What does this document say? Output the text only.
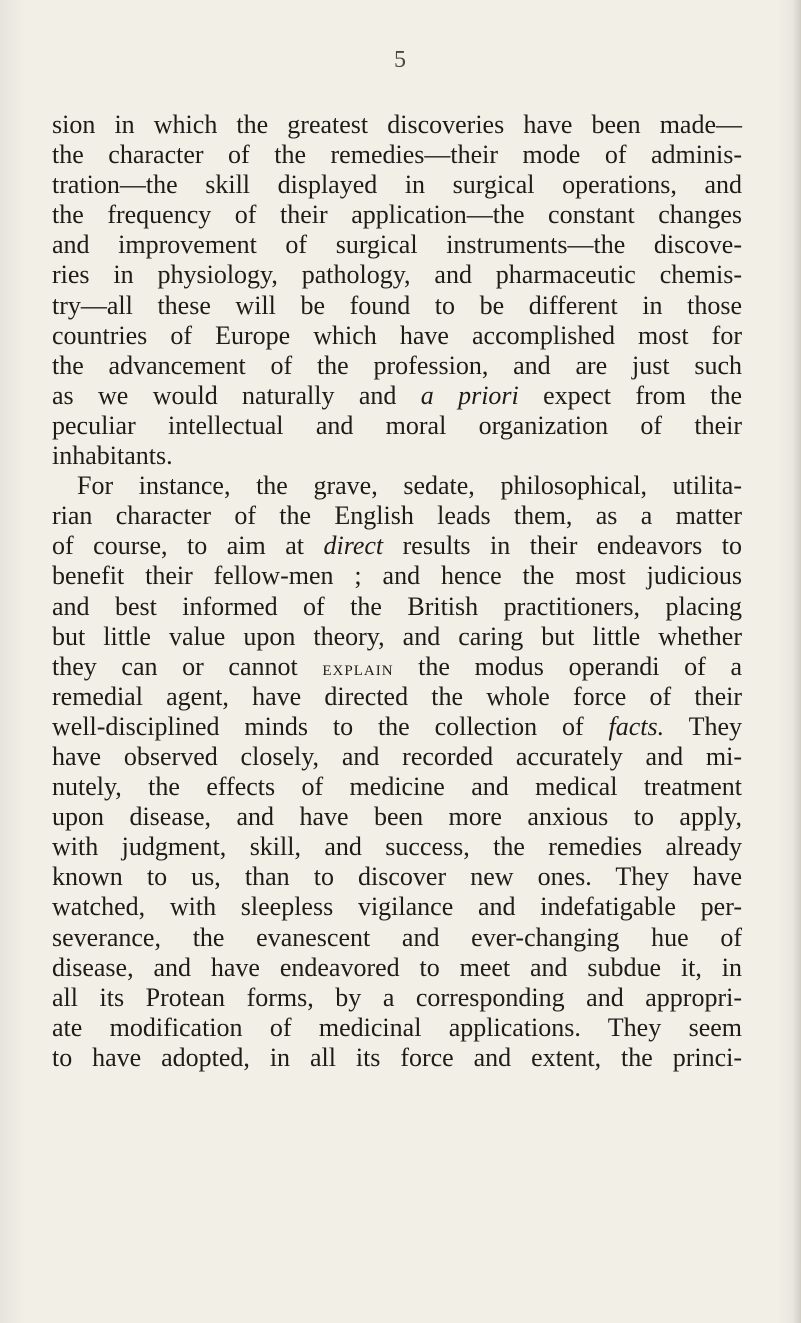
5
sion in which the greatest discoveries have been made—
the character of the remedies—their mode of adminis-
tration—the skill displayed in surgical operations, and
the frequency of their application—the constant changes
and improvement of surgical instruments—the discove-
ries in physiology, pathology, and pharmaceutic chemis-
try—all these will be found to be different in those
countries of Europe which have accomplished most for
the advancement of the profession, and are just such
as we would naturally and a priori expect from the
peculiar intellectual and moral organization of their
inhabitants.
For instance, the grave, sedate, philosophical, utilita-
rian character of the English leads them, as a matter
of course, to aim at direct results in their endeavors to
benefit their fellow-men ; and hence the most judicious
and best informed of the British practitioners, placing
but little value upon theory, and caring but little whether
they can or cannot explain the modus operandi of a
remedial agent, have directed the whole force of their
well-disciplined minds to the collection of facts. They
have observed closely, and recorded accurately and mi-
nutely, the effects of medicine and medical treatment
upon disease, and have been more anxious to apply,
with judgment, skill, and success, the remedies already
known to us, than to discover new ones. They have
watched, with sleepless vigilance and indefatigable per-
severance, the evanescent and ever-changing hue of
disease, and have endeavored to meet and subdue it, in
all its Protean forms, by a corresponding and appropri-
ate modification of medicinal applications. They seem
to have adopted, in all its force and extent, the princi-
